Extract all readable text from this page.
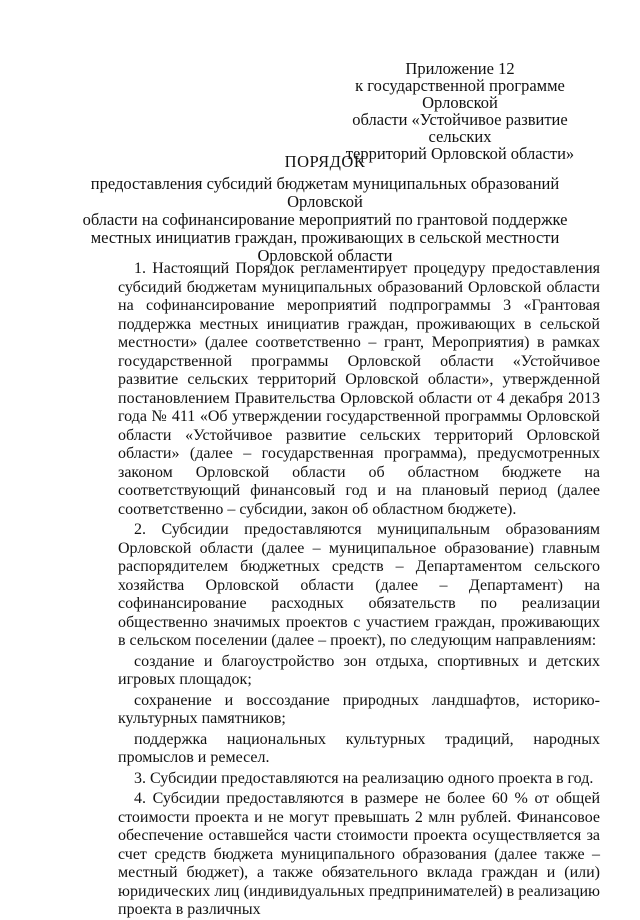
Приложение 12
к государственной программе Орловской
области «Устойчивое развитие сельских
территорий Орловской области»
ПОРЯДОК
предоставления субсидий бюджетам муниципальных образований Орловской
области на софинансирование мероприятий по грантовой поддержке
местных инициатив граждан, проживающих в сельской местности
Орловской области

1. Настоящий Порядок регламентирует процедуру предоставления субсидий бюджетам муниципальных образований Орловской области на софинансирование мероприятий подпрограммы 3 «Грантовая поддержка местных инициатив граждан, проживающих в сельской местности» (далее соответственно – грант, Мероприятия) в рамках государственной программы Орловской области «Устойчивое развитие сельских территорий Орловской области», утвержденной постановлением Правительства Орловской области от 4 декабря 2013 года № 411 «Об утверждении государственной программы Орловской области «Устойчивое развитие сельских территорий Орловской области» (далее – государственная программа), предусмотренных законом Орловской области об областном бюджете на соответствующий финансовый год и на плановый период (далее соответственно – субсидии, закон об областном бюджете).

2. Субсидии предоставляются муниципальным образованиям Орловской области (далее – муниципальное образование) главным распорядителем бюджетных средств – Департаментом сельского хозяйства Орловской области (далее – Департамент) на софинансирование расходных обязательств по реализации общественно значимых проектов с участием граждан, проживающих в сельском поселении (далее – проект), по следующим направлениям:

создание и благоустройство зон отдыха, спортивных и детских игровых площадок;

сохранение и воссоздание природных ландшафтов, историко-культурных памятников;

поддержка национальных культурных традиций, народных промыслов и ремесел.

3. Субсидии предоставляются на реализацию одного проекта в год.

4. Субсидии предоставляются в размере не более 60 % от общей стоимости проекта и не могут превышать 2 млн рублей. Финансовое обеспечение оставшейся части стоимости проекта осуществляется за счет средств бюджета муниципального образования (далее также – местный бюджет), а также обязательного вклада граждан и (или) юридических лиц (индивидуальных предпринимателей) в реализацию проекта в различных
